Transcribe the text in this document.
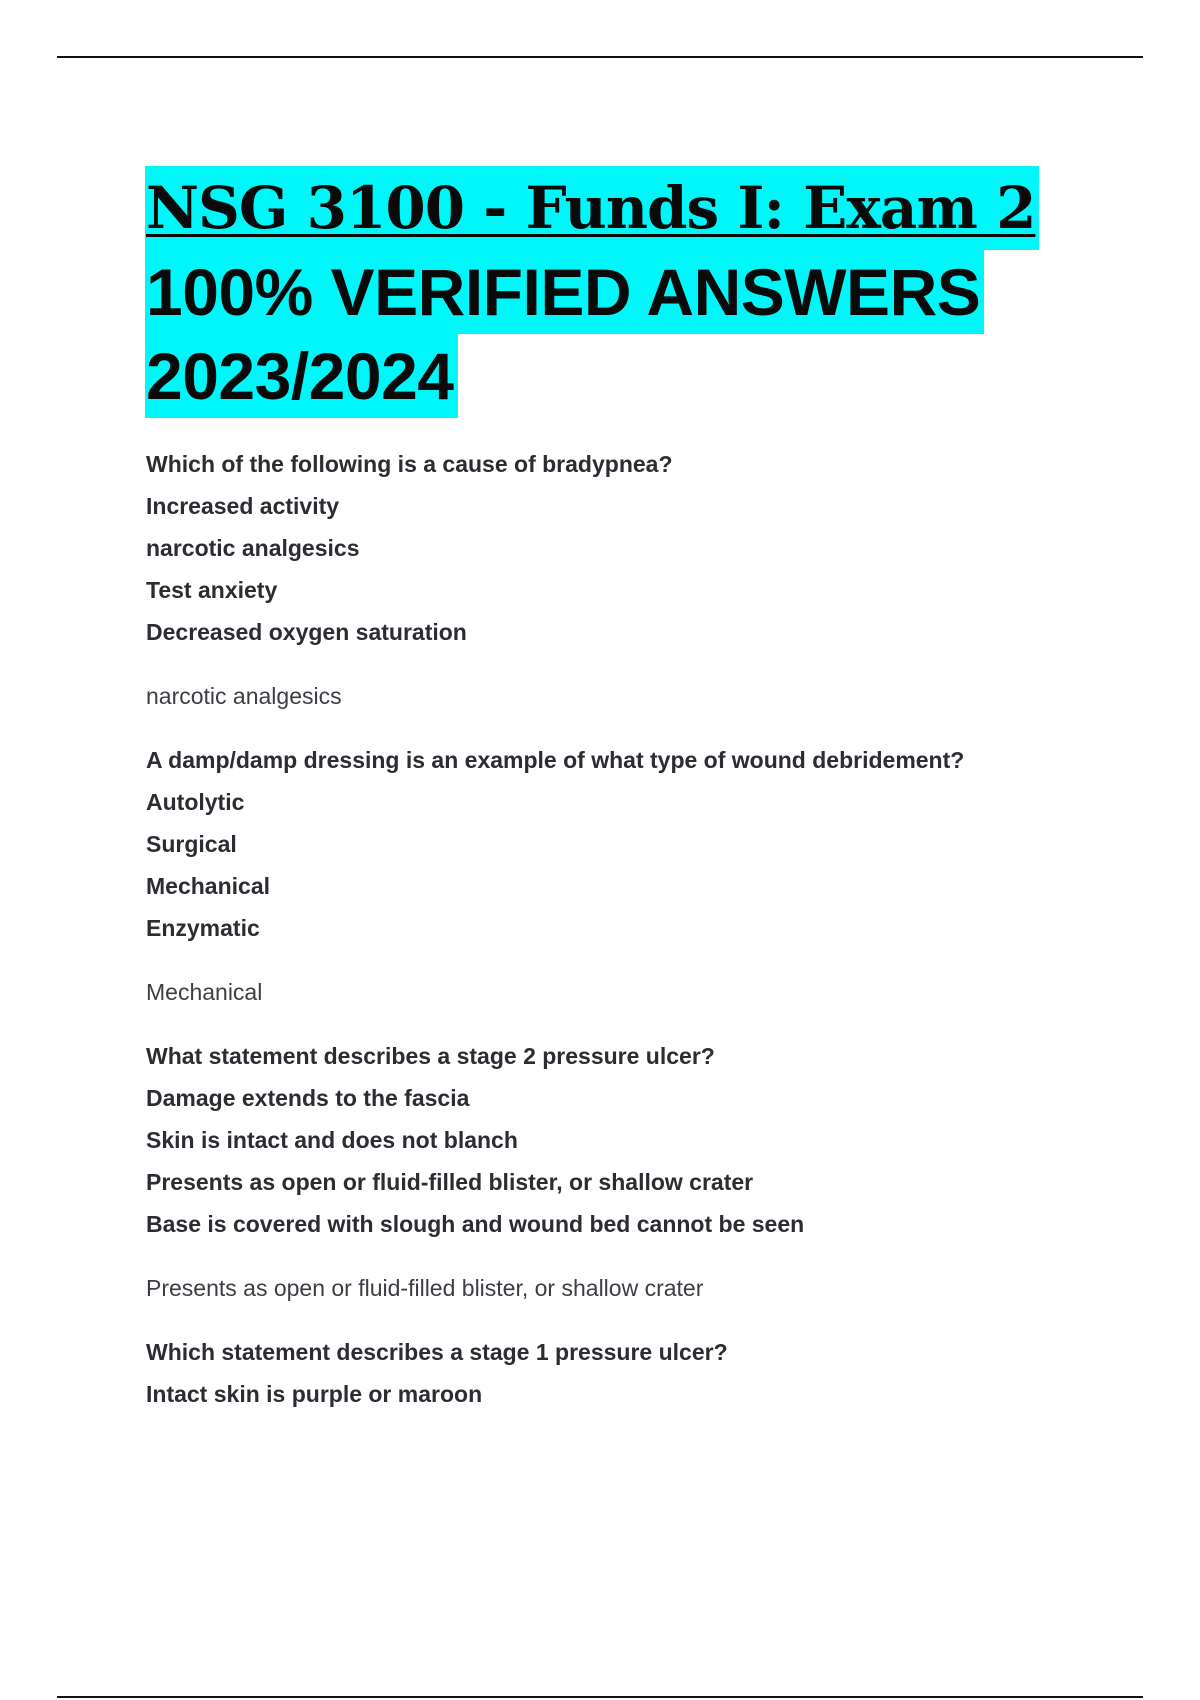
NSG 3100 - Funds I: Exam 2
100% VERIFIED ANSWERS
2023/2024

Which of the following is a cause of bradypnea?

Increased activity

narcotic analgesics

Test anxiety

Decreased oxygen saturation

narcotic analgesics

A damp/damp dressing is an example of what type of wound debridement?

Autolytic

Surgical

Mechanical

Enzymatic

Mechanical

What statement describes a stage 2 pressure ulcer?

Damage extends to the fascia

Skin is intact and does not blanch

Presents as open or fluid-filled blister, or shallow crater

Base is covered with slough and wound bed cannot be seen

Presents as open or fluid-filled blister, or shallow crater

Which statement describes a stage 1 pressure ulcer?

Intact skin is purple or maroon
